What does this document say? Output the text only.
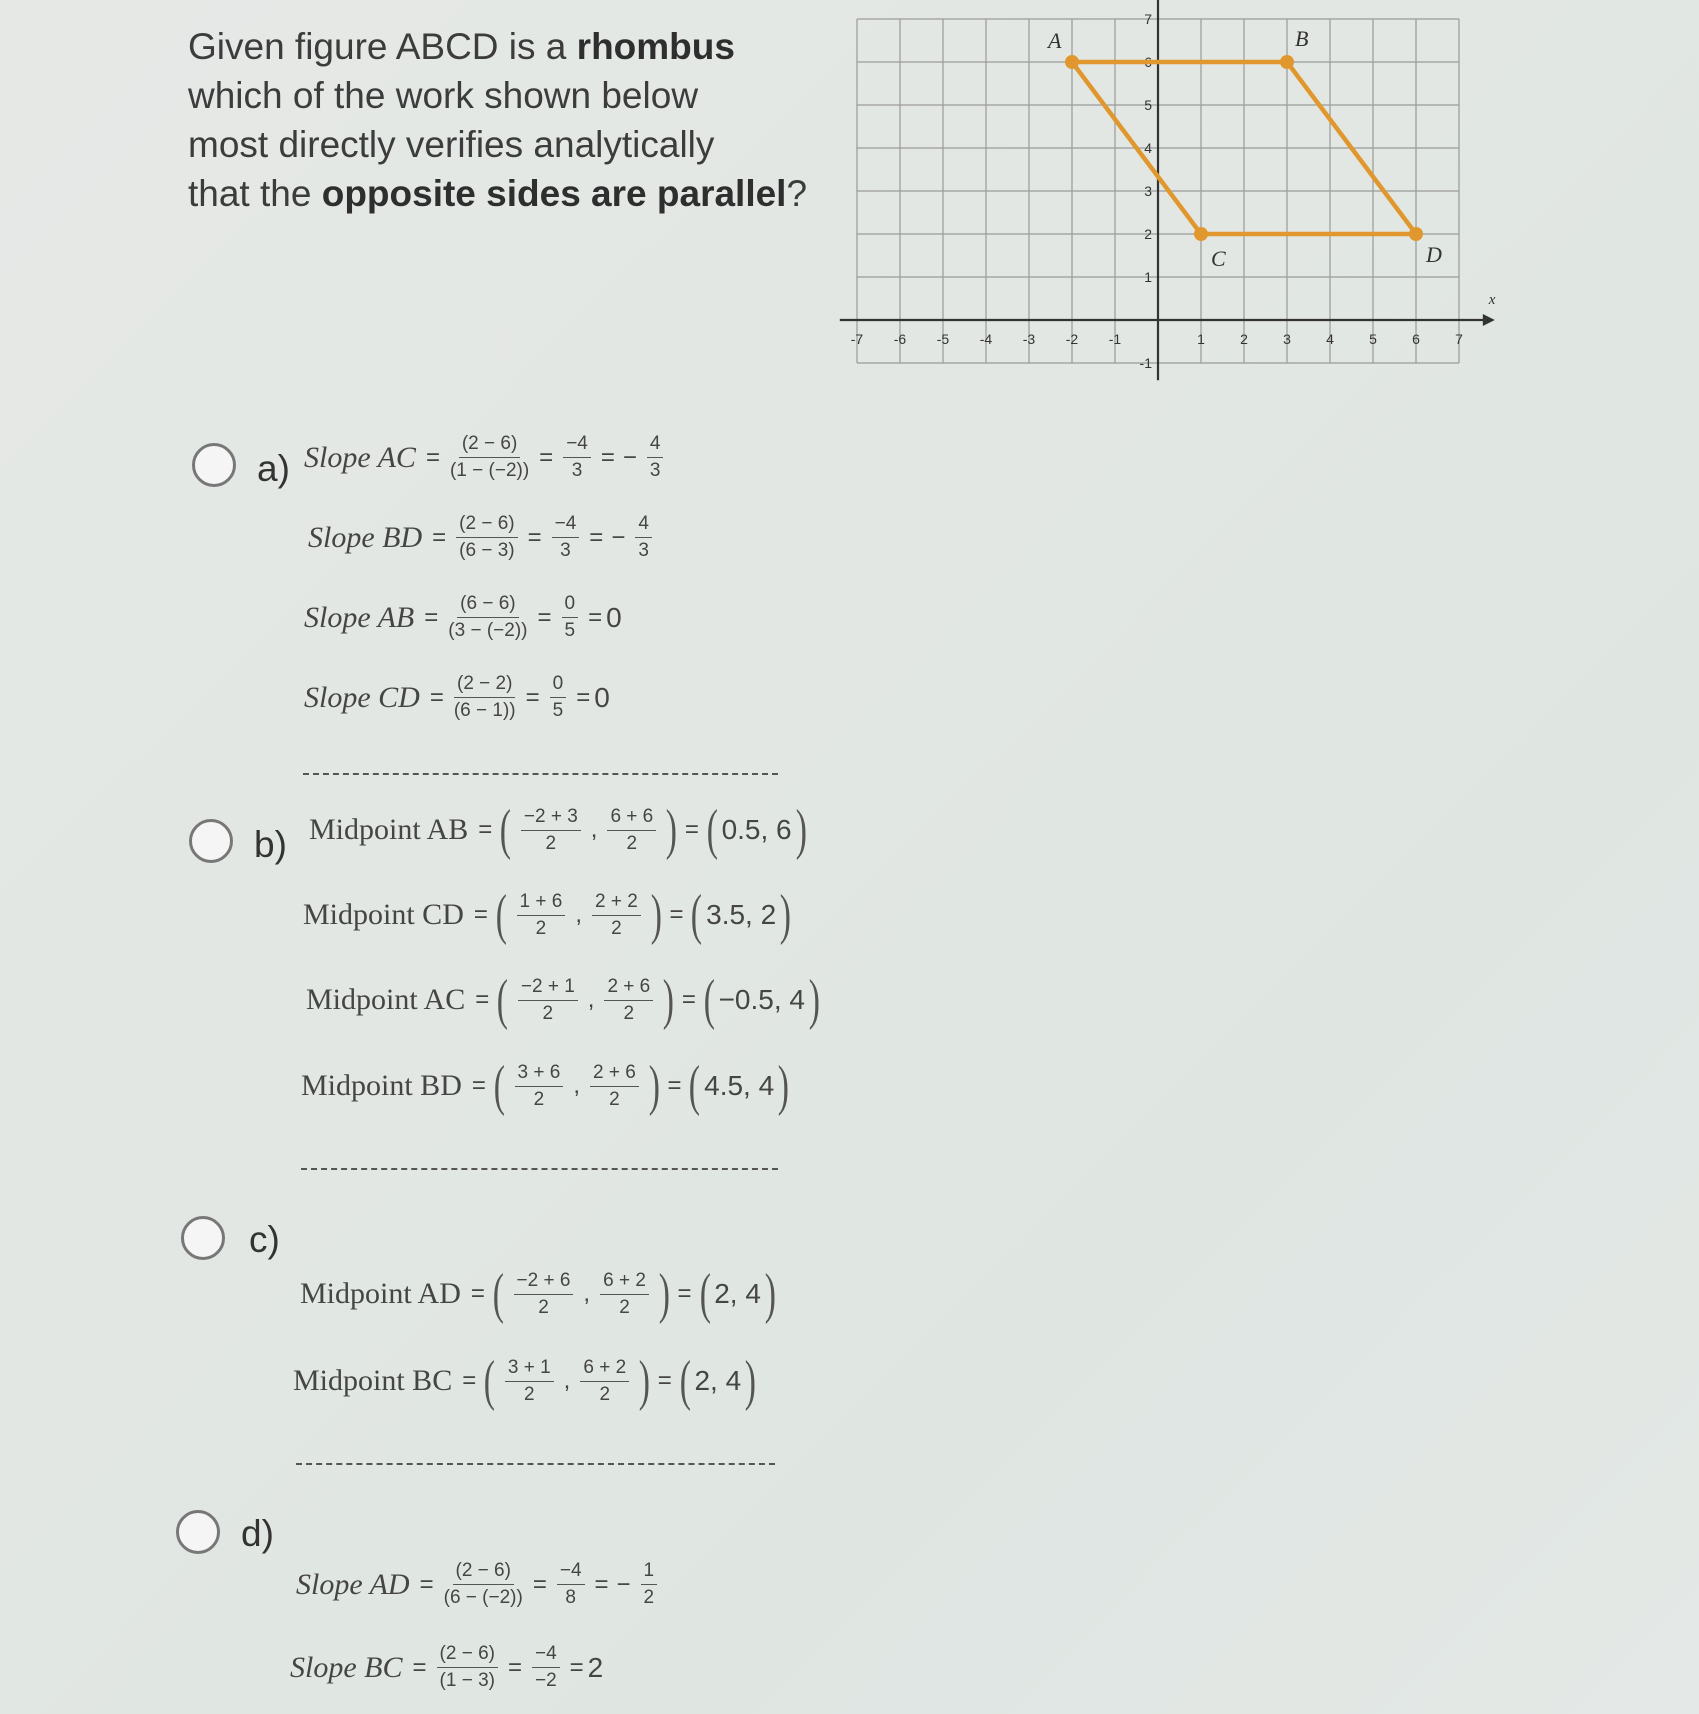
Given figure ABCD is a rhombus
which of the work shown below
most directly verifies analytically
that the opposite sides are parallel?
-7 -6 -5 -4 -3 -2 -1	1	2	3	4	5	6	7
-1
1
2
3
4
5
6
7
x
A	B
C	D
a) Slope AC = $\frac{(2 - 6)}{(1 - (-2))} = \frac{-4}{3}$ = − $\frac{4}{3}$
Slope BD = $\frac{(2 - 6)}{(6 - 3)} = \frac{-4}{3}$ = − $\frac{4}{3}$
Slope AB = $\frac{(6 - 6)}{(3 - (-2))} = \frac{0}{5} = 0$
Slope CD = $\frac{(2 - 2)}{(6 - 1))} = \frac{0}{5} = 0$
b) Midpoint AB = ( $\frac{-2 + 3}{2}$ , $\frac{6 + 6}{2}$ ) = ( 0.5, 6 )
Midpoint CD = ( $\frac{1 + 6}{2}$ , $\frac{2 + 2}{2}$ ) = ( 3.5, 2 )
Midpoint AC = ( $\frac{-2 + 1}{2}$ , $\frac{2 + 6}{2}$ ) = ( −0.5, 4 )
Midpoint BD = ( $\frac{3 + 6}{2}$ , $\frac{2 + 6}{2}$ ) = ( 4.5, 4 )
c)
Midpoint AD = ( $\frac{-2 + 6}{2}$ , $\frac{6 + 2}{2}$ ) = ( 2, 4 )
Midpoint BC = ( $\frac{3 + 1}{2}$ , $\frac{6 + 2}{2}$ ) = ( 2, 4 )
d)
Slope AD = $\frac{(2 - 6)}{(6 - (-2))} = \frac{-4}{8}$ = − $\frac{1}{2}$
Slope BC = $\frac{(2 - 6)}{(1 - 3)} = \frac{-4}{-2} = 2$
